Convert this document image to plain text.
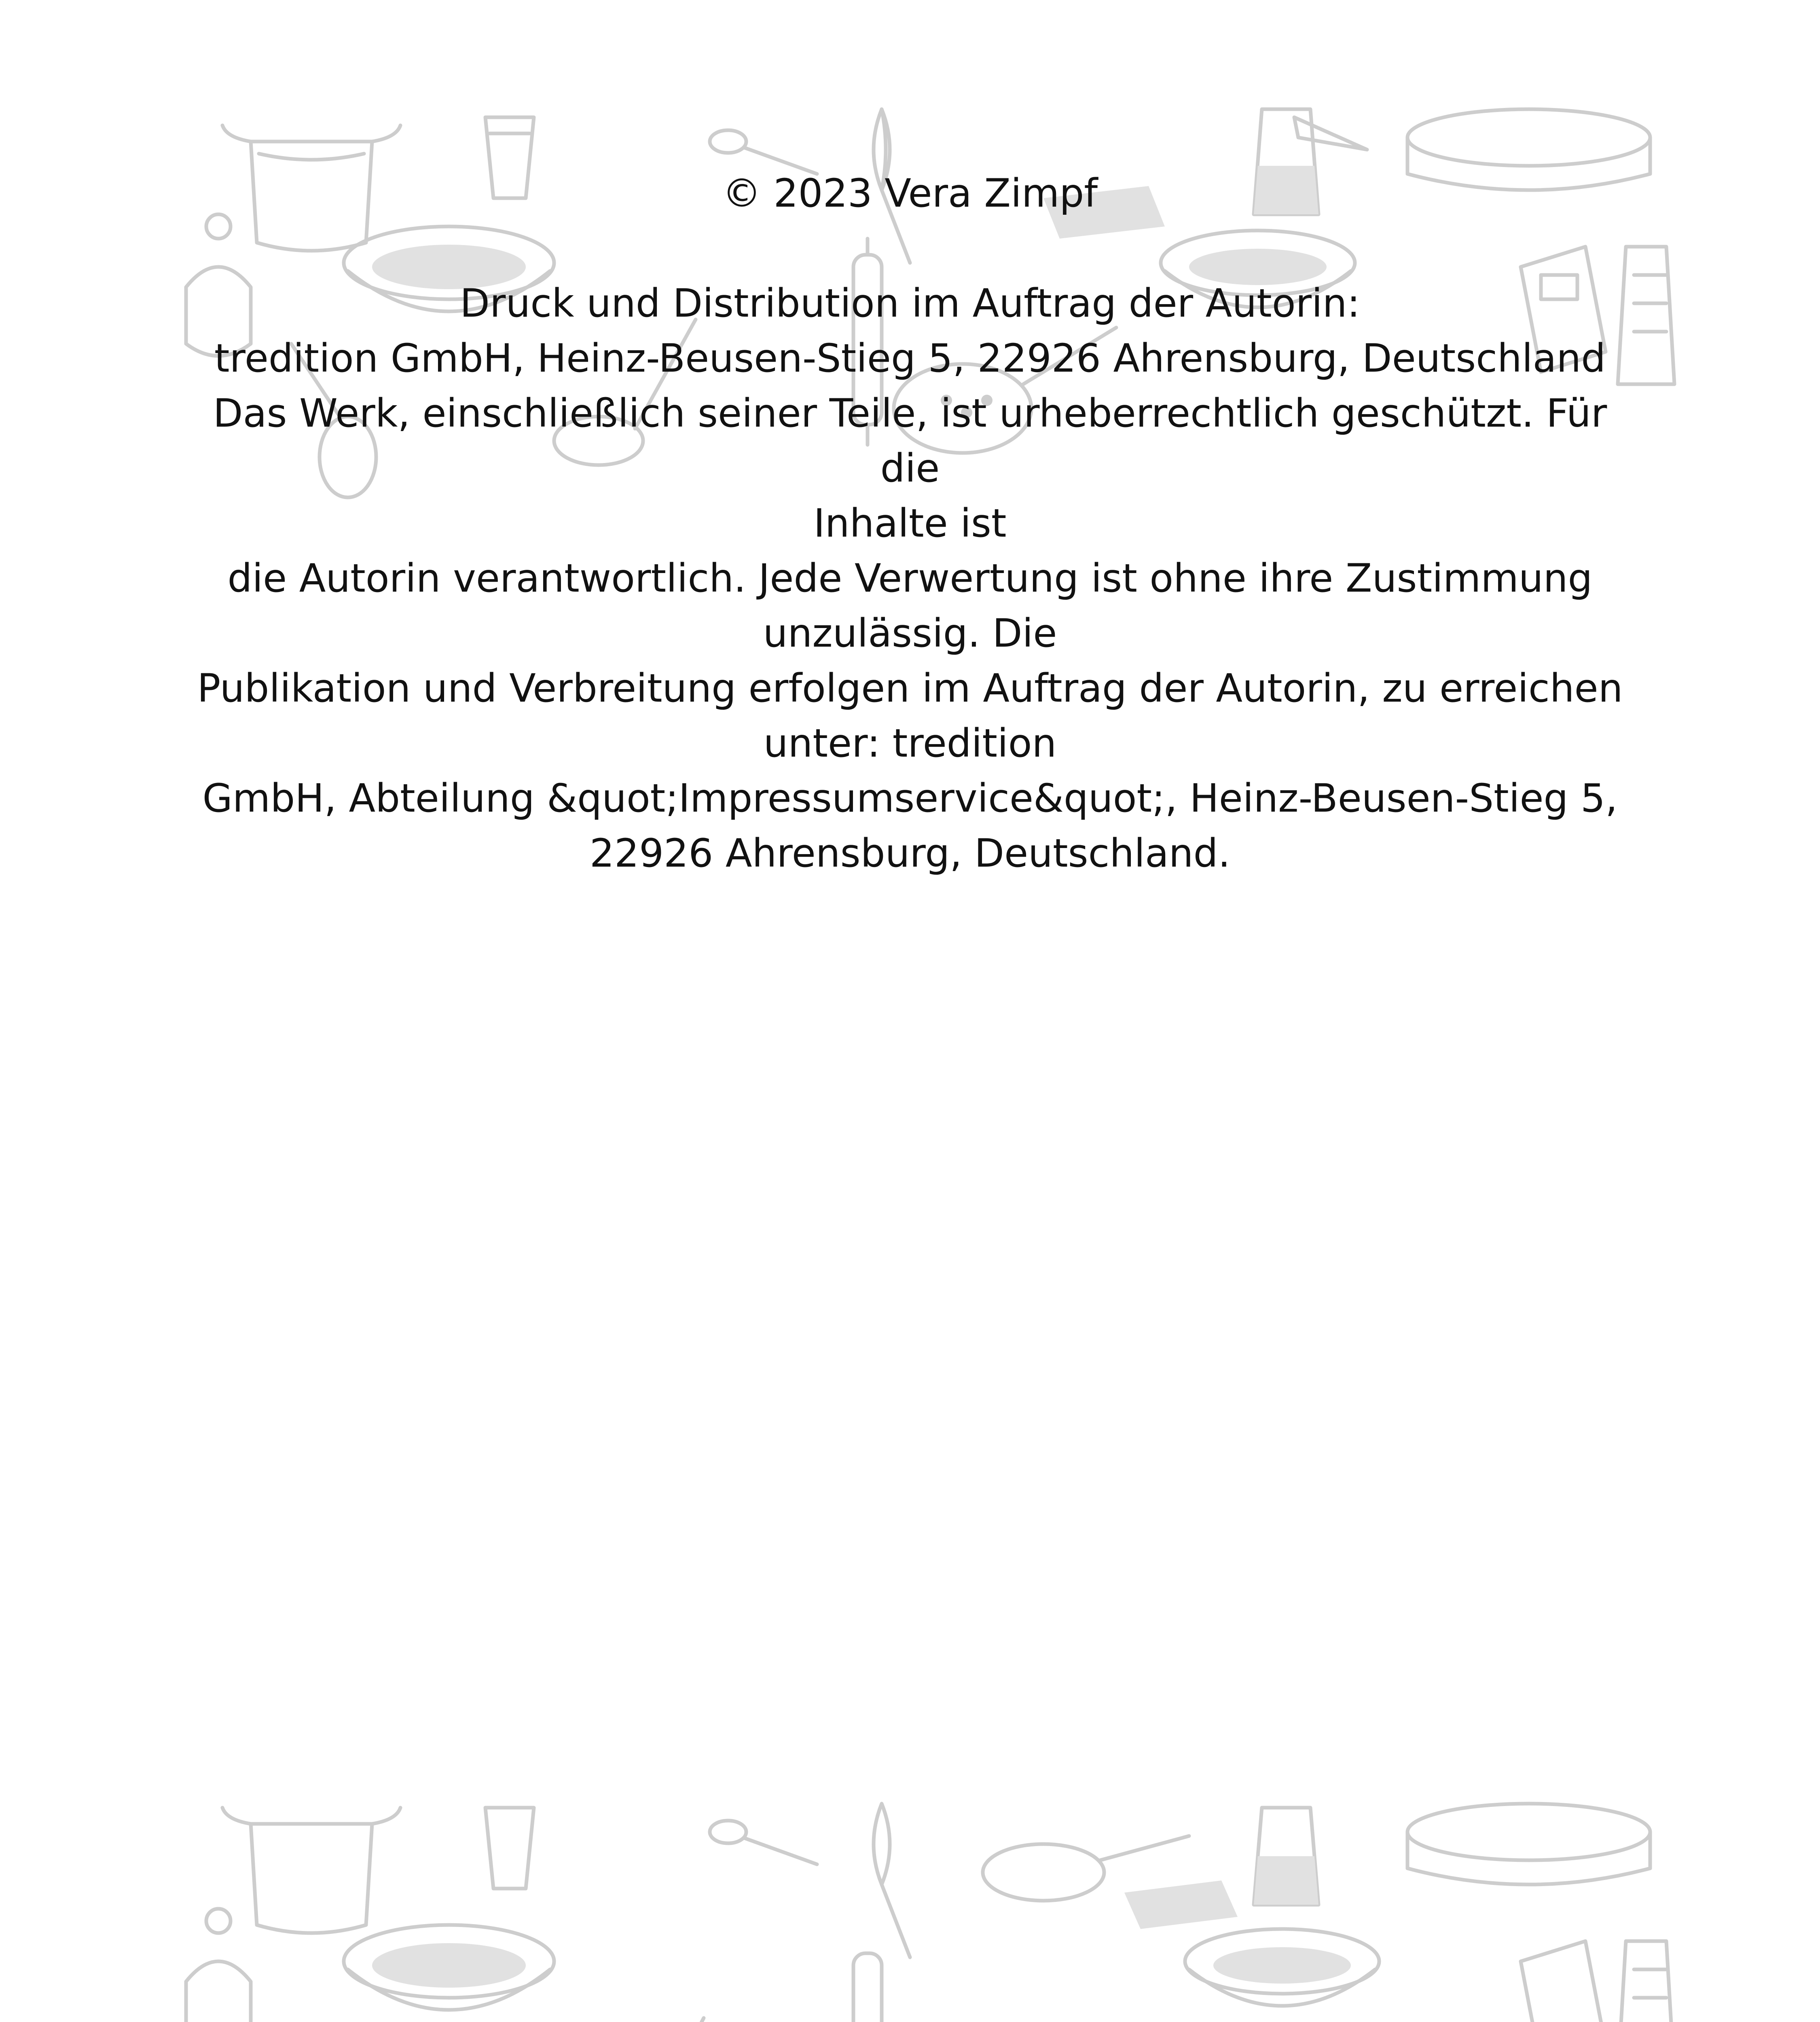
© 2023 Vera Zimpf
Druck und Distribution im Auftrag der Autorin:
tredition GmbH, Heinz-Beusen-Stieg 5, 22926 Ahrensburg, Deutschland
Das Werk, einschließlich seiner Teile, ist urheberrechtlich geschützt. Für die
Inhalte ist
die Autorin verantwortlich. Jede Verwertung ist ohne ihre Zustimmung
unzulässig. Die
Publikation und Verbreitung erfolgen im Auftrag der Autorin, zu erreichen
unter: tredition
GmbH, Abteilung &quot;Impressumservice&quot;, Heinz-Beusen-Stieg 5,
22926 Ahrensburg, Deutschland.
